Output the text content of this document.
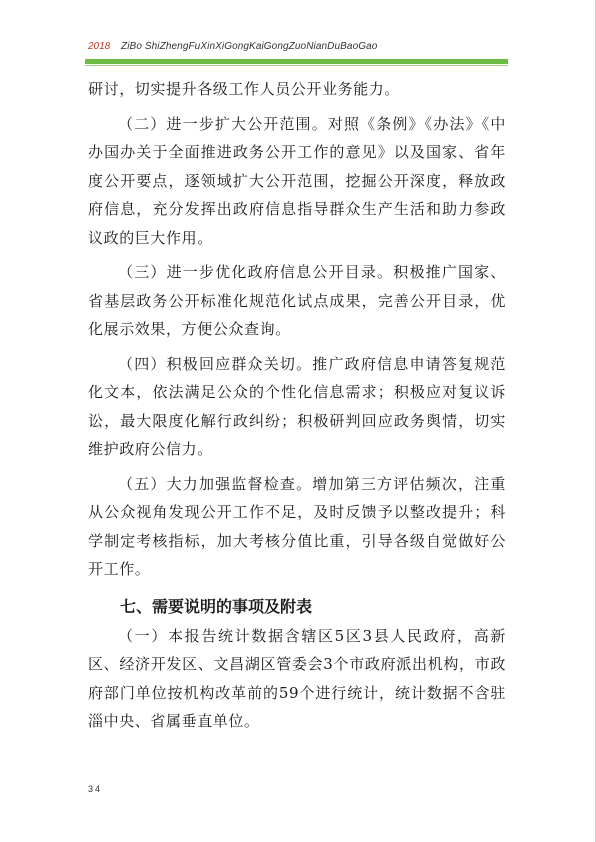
2018 ZiBo ShiZhengFuXinXiGongKaiGongZuoNianDuBaoGao

研讨，切实提升各级工作人员公开业务能力。

（二）进一步扩大公开范围。对照《条例》《办法》《中办国办关于全面推进政务公开工作的意见》以及国家、省年度公开要点，逐领域扩大公开范围，挖掘公开深度，释放政府信息，充分发挥出政府信息指导群众生产生活和助力参政议政的巨大作用。

（三）进一步优化政府信息公开目录。积极推广国家、省基层政务公开标准化规范化试点成果，完善公开目录，优化展示效果，方便公众查询。

（四）积极回应群众关切。推广政府信息申请答复规范化文本，依法满足公众的个性化信息需求；积极应对复议诉讼，最大限度化解行政纠纷；积极研判回应政务舆情，切实维护政府公信力。

（五）大力加强监督检查。增加第三方评估频次，注重从公众视角发现公开工作不足，及时反馈予以整改提升；科学制定考核指标，加大考核分值比重，引导各级自觉做好公开工作。

七、需要说明的事项及附表

（一）本报告统计数据含辖区5区3县人民政府，高新区、经济开发区、文昌湖区管委会3个市政府派出机构，市政府部门单位按机构改革前的59个进行统计，统计数据不含驻淄中央、省属垂直单位。

34
